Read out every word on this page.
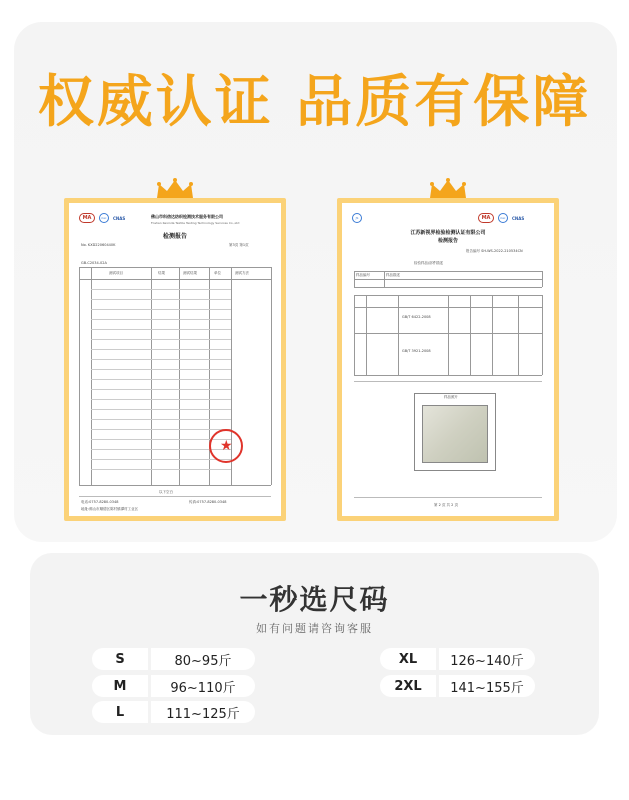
权威认证 品质有保障
MA	ilac	CNAS	佛山市科信达纺织检测技术服务有限公司
Foshan Kexinda Textile Testing Technology Services Co.,Ltd
检测报告
No. KXD22060440K	第3页 第1页
GB-C2034-02A
测试项目	结果	测试结果	单位	测试方法
★
以下空白
电话:0757-8280-0348	传真:0757-8280-0348
地址:佛山市顺德区陈村镇潭村工业区
JS	MA	ilac	CNAS
江苏新视界检验检测认证有限公司
检测报告
报告编号 SH-WS-2022-210534CN
检验样品/部件描述
样品编号	样品描述
GB/T 6422-2008
GB/T 3921-2008
样品照片
第 2 页 共 2 页
一秒选尺码
如有问题请咨询客服
S	80~95斤
M	96~110斤
L	111~125斤
XL	126~140斤
2XL	141~155斤
